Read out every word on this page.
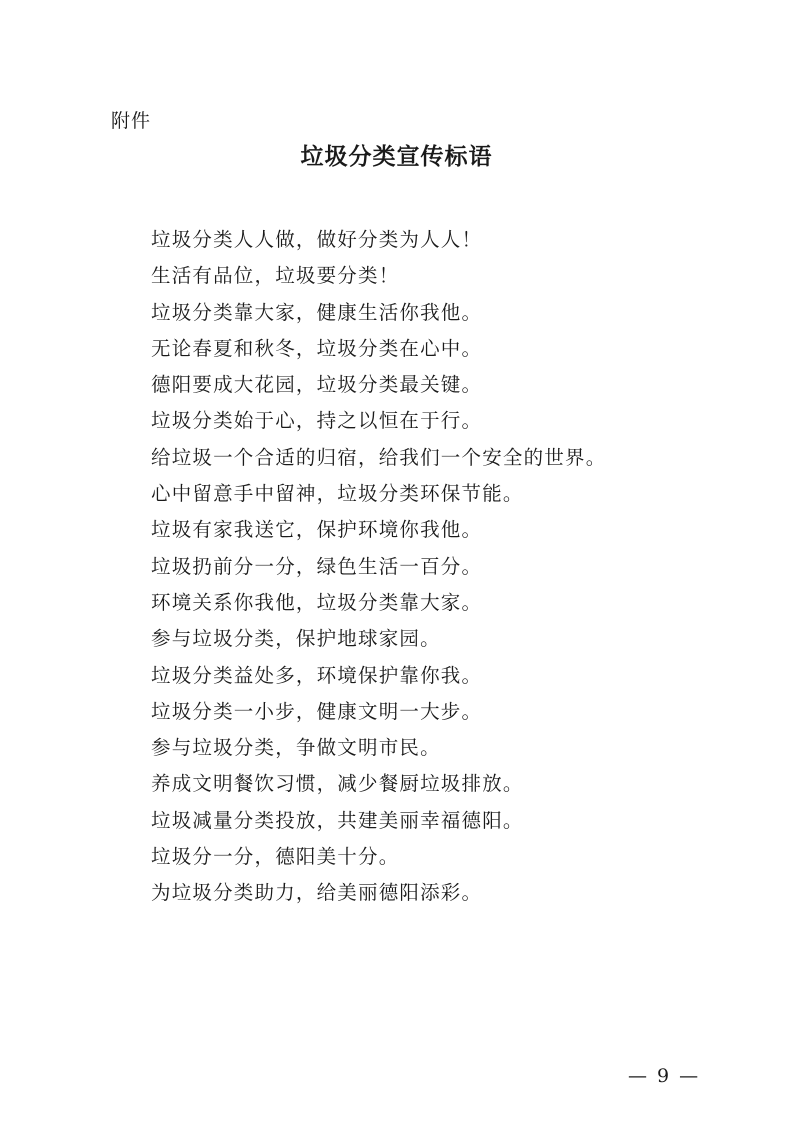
附件
垃圾分类宣传标语
垃圾分类人人做，做好分类为人人！
生活有品位，垃圾要分类！
垃圾分类靠大家，健康生活你我他。
无论春夏和秋冬，垃圾分类在心中。
德阳要成大花园，垃圾分类最关键。
垃圾分类始于心，持之以恒在于行。
给垃圾一个合适的归宿，给我们一个安全的世界。
心中留意手中留神，垃圾分类环保节能。
垃圾有家我送它，保护环境你我他。
垃圾扔前分一分，绿色生活一百分。
环境关系你我他，垃圾分类靠大家。
参与垃圾分类，保护地球家园。
垃圾分类益处多，环境保护靠你我。
垃圾分类一小步，健康文明一大步。
参与垃圾分类，争做文明市民。
养成文明餐饮习惯，减少餐厨垃圾排放。
垃圾减量分类投放，共建美丽幸福德阳。
垃圾分一分，德阳美十分。
为垃圾分类助力，给美丽德阳添彩。
— 9 —
